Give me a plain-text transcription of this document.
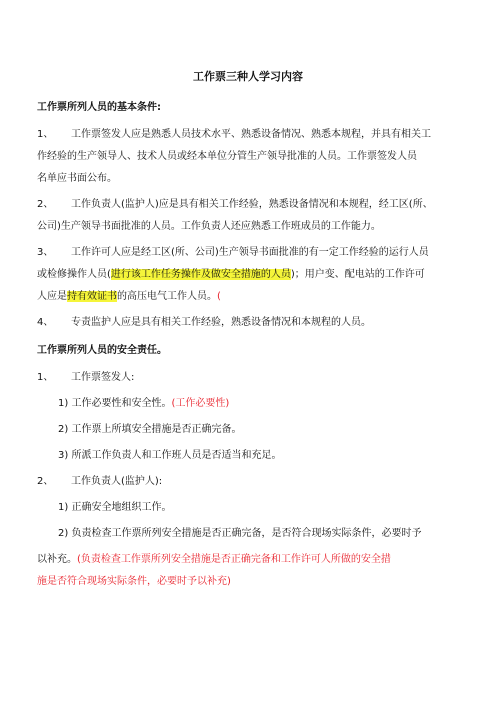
工作票三种人学习内容
工作票所列人员的基本条件:
1、 工作票签发人应是熟悉人员技术水平、熟悉设备情况、熟悉本规程，并具有相关工
作经验的生产领导人、技术人员或经本单位分管生产领导批准的人员。工作票签发人员
名单应书面公布。
2、 工作负责人(监护人)应是具有相关工作经验，熟悉设备情况和本规程，经工区(所、
公司)生产领导书面批准的人员。工作负责人还应熟悉工作班成员的工作能力。
3、 工作许可人应是经工区(所、公司)生产领导书面批准的有一定工作经验的运行人员
或检修操作人员(进行该工作任务操作及做安全措施的人员)；用户变、配电站的工作许可
人应是持有效证书的高压电气工作人员。(
4、 专责监护人应是具有相关工作经验，熟悉设备情况和本规程的人员。
工作票所列人员的安全责任。
1、 工作票签发人:
1) 工作必要性和安全性。(工作必要性)
2) 工作票上所填安全措施是否正确完备。
3) 所派工作负责人和工作班人员是否适当和充足。
2、 工作负责人(监护人):
1) 正确安全地组织工作。
2) 负责检查工作票所列安全措施是否正确完备，是否符合现场实际条件，必要时予
以补充。(负责检查工作票所列安全措施是否正确完备和工作许可人所做的安全措
施是否符合现场实际条件，必要时予以补充)
